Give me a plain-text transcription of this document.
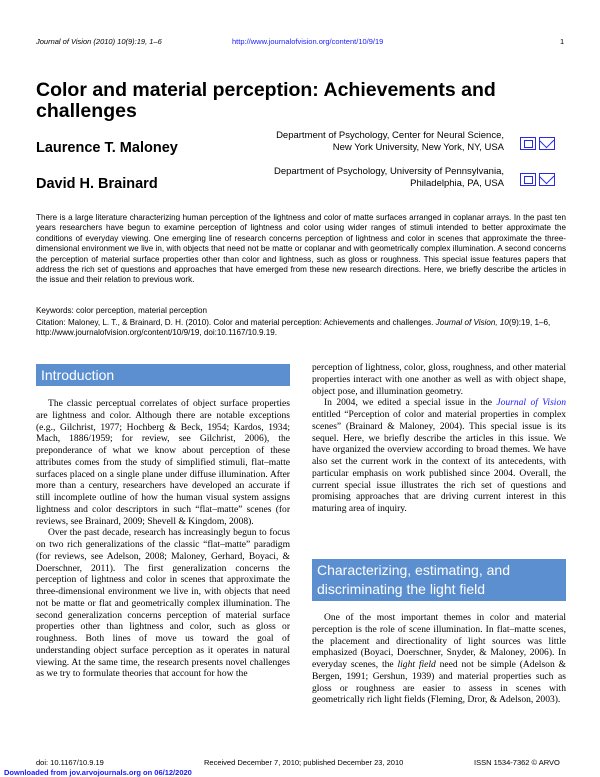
Journal of Vision (2010) 10(9):19, 1–6	http://www.journalofvision.org/content/10/9/19	1
Color and material perception: Achievements and challenges
Laurence T. Maloney
Department of Psychology, Center for Neural Science,
New York University, New York, NY, USA
David H. Brainard
Department of Psychology, University of Pennsylvania,
Philadelphia, PA, USA
There is a large literature characterizing human perception of the lightness and color of matte surfaces arranged in coplanar arrays. In the past ten years researchers have begun to examine perception of lightness and color using wider ranges of stimuli intended to better approximate the conditions of everyday viewing. One emerging line of research concerns perception of lightness and color in scenes that approximate the three-dimensional environment we live in, with objects that need not be matte or coplanar and with geometrically complex illumination. A second concerns the perception of material surface properties other than color and lightness, such as gloss or roughness. This special issue features papers that address the rich set of questions and approaches that have emerged from these new research directions. Here, we briefly describe the articles in the issue and their relation to previous work.
Keywords: color perception, material perception
Citation: Maloney, L. T., & Brainard, D. H. (2010). Color and material perception: Achievements and challenges. Journal of Vision, 10(9):19, 1–6, http://www.journalofvision.org/content/10/9/19, doi:10.1167/10.9.19.
Introduction

The classic perceptual correlates of object surface properties are lightness and color. Although there are notable exceptions (e.g., Gilchrist, 1977; Hochberg & Beck, 1954; Kardos, 1934; Mach, 1886/1959; for review, see Gilchrist, 2006), the preponderance of what we know about perception of these attributes comes from the study of simplified stimuli, flat–matte surfaces placed on a single plane under diffuse illumination. After more than a century, researchers have developed an accurate if still incomplete outline of how the human visual system assigns lightness and color descriptors in such “flat–matte” scenes (for reviews, see Brainard, 2009; Shevell & Kingdom, 2008).

Over the past decade, research has increasingly begun to focus on two rich generalizations of the classic “flat–matte” paradigm (for reviews, see Adelson, 2008; Maloney, Gerhard, Boyaci, & Doerschner, 2011). The first generalization concerns the perception of lightness and color in scenes that approximate the three-dimensional environment we live in, with objects that need not be matte or flat and geometrically complex illumination. The second generalization concerns perception of material surface properties other than lightness and color, such as gloss or roughness. Both lines of move us toward the goal of understanding object surface perception as it operates in natural viewing. At the same time, the research presents novel challenges as we try to formulate theories that account for how the

perception of lightness, color, gloss, roughness, and other material properties interact with one another as well as with object shape, object pose, and illumination geometry.

In 2004, we edited a special issue in the Journal of Vision entitled “Perception of color and material properties in complex scenes” (Brainard & Maloney, 2004). This special issue is its sequel. Here, we briefly describe the articles in this issue. We have organized the overview according to broad themes. We have also set the current work in the context of its antecedents, with particular emphasis on work published since 2004. Overall, the current special issue illustrates the rich set of questions and promising approaches that are driving current interest in this maturing area of inquiry.

Characterizing, estimating, and discriminating the light field

One of the most important themes in color and material perception is the role of scene illumination. In flat–matte scenes, the placement and directionality of light sources was little emphasized (Boyaci, Doerschner, Snyder, & Maloney, 2006). In everyday scenes, the light field need not be simple (Adelson & Bergen, 1991; Gershun, 1939) and material properties such as gloss or roughness are easier to assess in scenes with geometrically rich light fields (Fleming, Dror, & Adelson, 2003).

doi: 10.1167/10.9.19	Received December 7, 2010; published December 23, 2010	ISSN 1534-7362 © ARVO
Downloaded from jov.arvojournals.org on 06/12/2020
